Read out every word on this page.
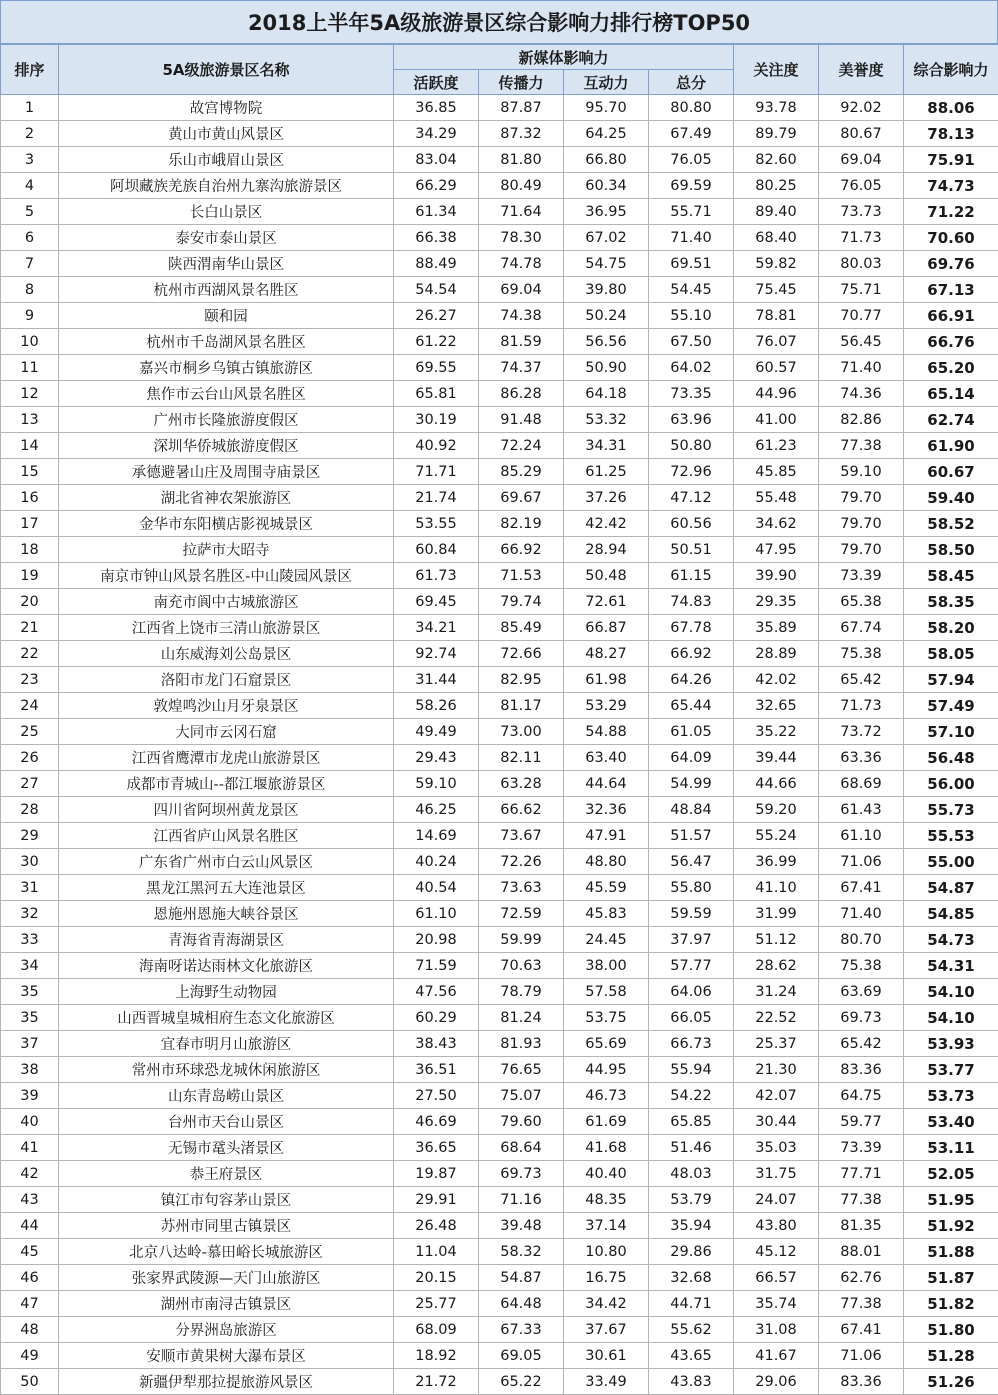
2018上半年5A级旅游景区综合影响力排行榜TOP50
排序	5A级旅游景区名称	新媒体影响力				关注度	美誉度	综合影响力
		活跃度	传播力	互动力	总分			
1	故宫博物院	36.85	87.87	95.70	80.80	93.78	92.02	88.06
2	黄山市黄山风景区	34.29	87.32	64.25	67.49	89.79	80.67	78.13
3	乐山市峨眉山景区	83.04	81.80	66.80	76.05	82.60	69.04	75.91
4	阿坝藏族羌族自治州九寨沟旅游景区	66.29	80.49	60.34	69.59	80.25	76.05	74.73
5	长白山景区	61.34	71.64	36.95	55.71	89.40	73.73	71.22
6	泰安市泰山景区	66.38	78.30	67.02	71.40	68.40	71.73	70.60
7	陕西渭南华山景区	88.49	74.78	54.75	69.51	59.82	80.03	69.76
8	杭州市西湖风景名胜区	54.54	69.04	39.80	54.45	75.45	75.71	67.13
9	颐和园	26.27	74.38	50.24	55.10	78.81	70.77	66.91
10	杭州市千岛湖风景名胜区	61.22	81.59	56.56	67.50	76.07	56.45	66.76
11	嘉兴市桐乡乌镇古镇旅游区	69.55	74.37	50.90	64.02	60.57	71.40	65.20
12	焦作市云台山风景名胜区	65.81	86.28	64.18	73.35	44.96	74.36	65.14
13	广州市长隆旅游度假区	30.19	91.48	53.32	63.96	41.00	82.86	62.74
14	深圳华侨城旅游度假区	40.92	72.24	34.31	50.80	61.23	77.38	61.90
15	承德避暑山庄及周围寺庙景区	71.71	85.29	61.25	72.96	45.85	59.10	60.67
16	湖北省神农架旅游区	21.74	69.67	37.26	47.12	55.48	79.70	59.40
17	金华市东阳横店影视城景区	53.55	82.19	42.42	60.56	34.62	79.70	58.52
18	拉萨市大昭寺	60.84	66.92	28.94	50.51	47.95	79.70	58.50
19	南京市钟山风景名胜区-中山陵园风景区	61.73	71.53	50.48	61.15	39.90	73.39	58.45
20	南充市阆中古城旅游区	69.45	79.74	72.61	74.83	29.35	65.38	58.35
21	江西省上饶市三清山旅游景区	34.21	85.49	66.87	67.78	35.89	67.74	58.20
22	山东威海刘公岛景区	92.74	72.66	48.27	66.92	28.89	75.38	58.05
23	洛阳市龙门石窟景区	31.44	82.95	61.98	64.26	42.02	65.42	57.94
24	敦煌鸣沙山月牙泉景区	58.26	81.17	53.29	65.44	32.65	71.73	57.49
25	大同市云冈石窟	49.49	73.00	54.88	61.05	35.22	73.72	57.10
26	江西省鹰潭市龙虎山旅游景区	29.43	82.11	63.40	64.09	39.44	63.36	56.48
27	成都市青城山--都江堰旅游景区	59.10	63.28	44.64	54.99	44.66	68.69	56.00
28	四川省阿坝州黄龙景区	46.25	66.62	32.36	48.84	59.20	61.43	55.73
29	江西省庐山风景名胜区	14.69	73.67	47.91	51.57	55.24	61.10	55.53
30	广东省广州市白云山风景区	40.24	72.26	48.80	56.47	36.99	71.06	55.00
31	黑龙江黑河五大连池景区	40.54	73.63	45.59	55.80	41.10	67.41	54.87
32	恩施州恩施大峡谷景区	61.10	72.59	45.83	59.59	31.99	71.40	54.85
33	青海省青海湖景区	20.98	59.99	24.45	37.97	51.12	80.70	54.73
34	海南呀诺达雨林文化旅游区	71.59	70.63	38.00	57.77	28.62	75.38	54.31
35	上海野生动物园	47.56	78.79	57.58	64.06	31.24	63.69	54.10
35	山西晋城皇城相府生态文化旅游区	60.29	81.24	53.75	66.05	22.52	69.73	54.10
37	宜春市明月山旅游区	38.43	81.93	65.69	66.73	25.37	65.42	53.93
38	常州市环球恐龙城休闲旅游区	36.51	76.65	44.95	55.94	21.30	83.36	53.77
39	山东青岛崂山景区	27.50	75.07	46.73	54.22	42.07	64.75	53.73
40	台州市天台山景区	46.69	79.60	61.69	65.85	30.44	59.77	53.40
41	无锡市鼋头渚景区	36.65	68.64	41.68	51.46	35.03	73.39	53.11
42	恭王府景区	19.87	69.73	40.40	48.03	31.75	77.71	52.05
43	镇江市句容茅山景区	29.91	71.16	48.35	53.79	24.07	77.38	51.95
44	苏州市同里古镇景区	26.48	39.48	37.14	35.94	43.80	81.35	51.92
45	北京八达岭-慕田峪长城旅游区	11.04	58.32	10.80	29.86	45.12	88.01	51.88
46	张家界武陵源—天门山旅游区	20.15	54.87	16.75	32.68	66.57	62.76	51.87
47	湖州市南浔古镇景区	25.77	64.48	34.42	44.71	35.74	77.38	51.82
48	分界洲岛旅游区	68.09	67.33	37.67	55.62	31.08	67.41	51.80
49	安顺市黄果树大瀑布景区	18.92	69.05	30.61	43.65	41.67	71.06	51.28
50	新疆伊犁那拉提旅游风景区	21.72	65.22	33.49	43.83	29.06	83.36	51.26
